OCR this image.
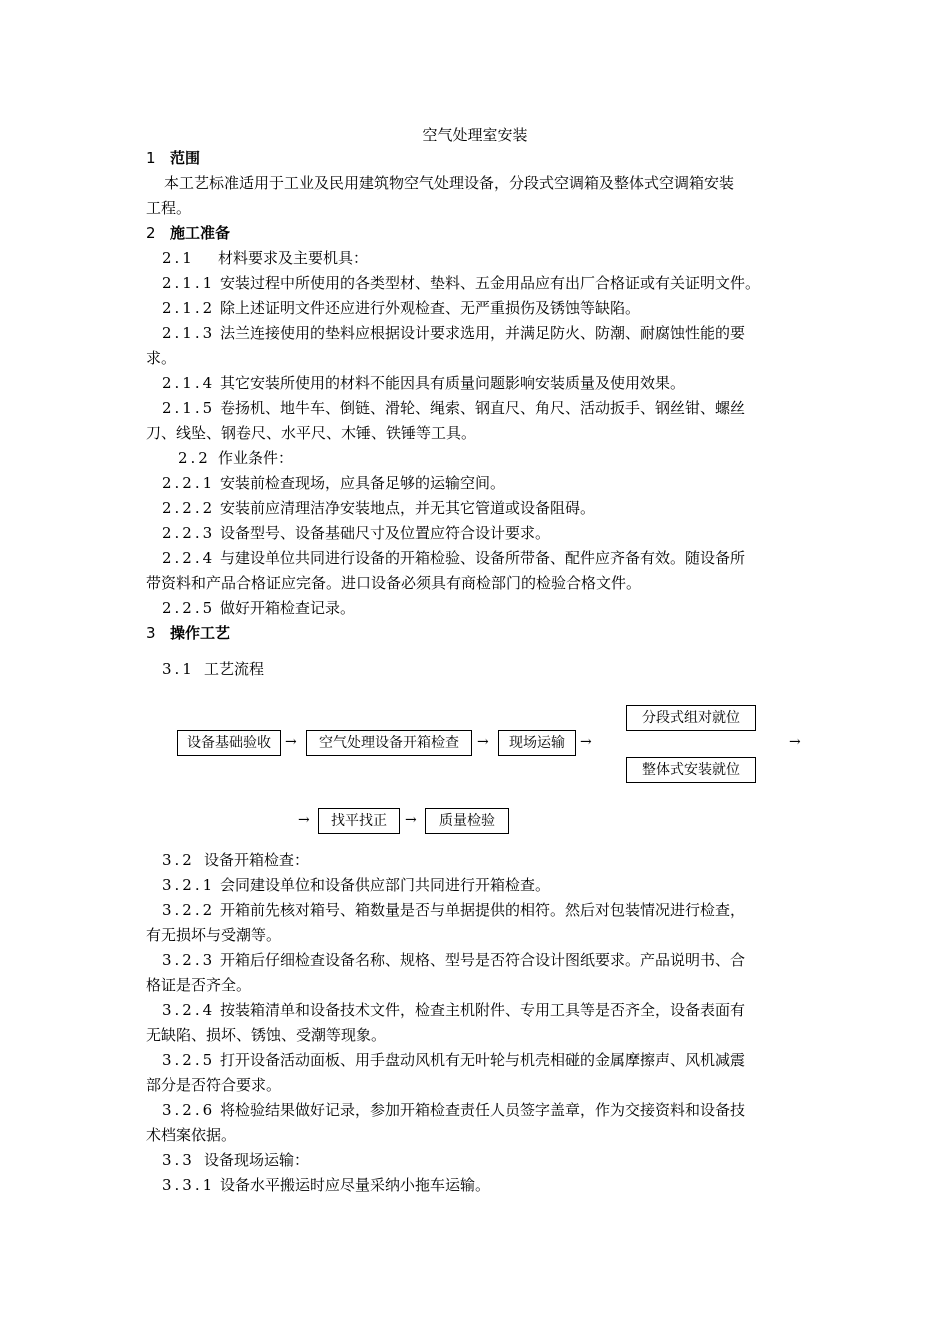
空气处理室安装
1 范围
本工艺标准适用于工业及民用建筑物空气处理设备，分段式空调箱及整体式空调箱安装
工程。
2 施工准备
2.1 材料要求及主要机具：
2.1.1 安装过程中所使用的各类型材、垫料、五金用品应有出厂合格证或有关证明文件。
2.1.2 除上述证明文件还应进行外观检查、无严重损伤及锈蚀等缺陷。
2.1.3 法兰连接使用的垫料应根据设计要求选用，并满足防火、防潮、耐腐蚀性能的要
求。
2.1.4 其它安装所使用的材料不能因具有质量问题影响安装质量及使用效果。
2.1.5 卷扬机、地牛车、倒链、滑轮、绳索、钢直尺、角尺、活动扳手、钢丝钳、螺丝
刀、线坠、钢卷尺、水平尺、木锤、铁锤等工具。
2.2 作业条件：
2.2.1 安装前检查现场，应具备足够的运输空间。
2.2.2 安装前应清理洁净安装地点，并无其它管道或设备阻碍。
2.2.3 设备型号、设备基础尺寸及位置应符合设计要求。
2.2.4 与建设单位共同进行设备的开箱检验、设备所带备、配件应齐备有效。随设备所
带资料和产品合格证应完备。进口设备必须具有商检部门的检验合格文件。
2.2.5 做好开箱检查记录。
3 操作工艺
3.1 工艺流程
设备基础验收	→	空气处理设备开箱检查	→	现场运输	→
分段式组对就位
整体式安装就位
→
→	找平找正	→	质量检验
3.2 设备开箱检查：
3.2.1 会同建设单位和设备供应部门共同进行开箱检查。
3.2.2 开箱前先核对箱号、箱数量是否与单据提供的相符。然后对包装情况进行检查，
有无损坏与受潮等。
3.2.3 开箱后仔细检查设备名称、规格、型号是否符合设计图纸要求。产品说明书、合
格证是否齐全。
3.2.4 按装箱清单和设备技术文件，检查主机附件、专用工具等是否齐全，设备表面有
无缺陷、损坏、锈蚀、受潮等现象。
3.2.5 打开设备活动面板、用手盘动风机有无叶轮与机壳相碰的金属摩擦声、风机减震
部分是否符合要求。
3.2.6 将检验结果做好记录，参加开箱检查责任人员签字盖章，作为交接资料和设备技
术档案依据。
3.3 设备现场运输：
3.3.1 设备水平搬运时应尽量采纳小拖车运输。
